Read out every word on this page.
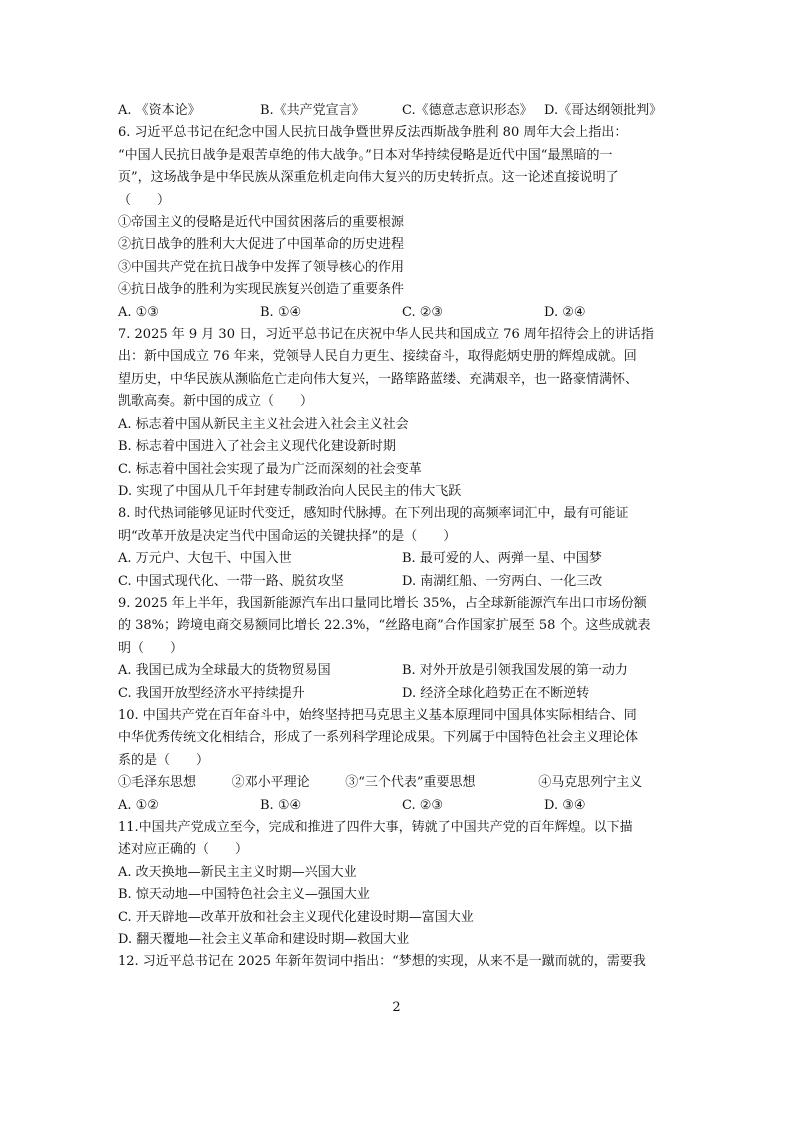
A. 《资本论》	B.《共产党宣言》	C.《德意志意识形态》 D.《哥达纲领批判》
6. 习近平总书记在纪念中国人民抗日战争暨世界反法西斯战争胜利 80 周年大会上指出：
“中国人民抗日战争是艰苦卓绝的伟大战争。”日本对华持续侵略是近代中国“最黑暗的一
页”，这场战争是中华民族从深重危机走向伟大复兴的历史转折点。这一论述直接说明了
（　　）
①帝国主义的侵略是近代中国贫困落后的重要根源
②抗日战争的胜利大大促进了中国革命的历史进程
③中国共产党在抗日战争中发挥了领导核心的作用
④抗日战争的胜利为实现民族复兴创造了重要条件
A. ①③	B. ①④	C. ②③	D. ②④
7. 2025 年 9 月 30 日，习近平总书记在庆祝中华人民共和国成立 76 周年招待会上的讲话指
出：新中国成立 76 年来，党领导人民自力更生、接续奋斗，取得彪炳史册的辉煌成就。回
望历史，中华民族从濒临危亡走向伟大复兴，一路筚路蓝缕、充满艰辛，也一路豪情满怀、
凯歌高奏。新中国的成立（　　）
A. 标志着中国从新民主主义社会进入社会主义社会
B. 标志着中国进入了社会主义现代化建设新时期
C. 标志着中国社会实现了最为广泛而深刻的社会变革
D. 实现了中国从几千年封建专制政治向人民民主的伟大飞跃
8. 时代热词能够见证时代变迁，感知时代脉搏。在下列出现的高频率词汇中，最有可能证
明“改革开放是决定当代中国命运的关键抉择”的是（　　）
A. 万元户、大包干、中国入世	B. 最可爱的人、两弹一星、中国梦
C. 中国式现代化、一带一路、脱贫攻坚	D. 南湖红船、一穷两白、一化三改
9. 2025 年上半年，我国新能源汽车出口量同比增长 35%，占全球新能源汽车出口市场份额
的 38%；跨境电商交易额同比增长 22.3%，“丝路电商”合作国家扩展至 58 个。这些成就表
明（　　）
A. 我国已成为全球最大的货物贸易国	B. 对外开放是引领我国发展的第一动力
C. 我国开放型经济水平持续提升	D. 经济全球化趋势正在不断逆转
10. 中国共产党在百年奋斗中，始终坚持把马克思主义基本原理同中国具体实际相结合、同
中华优秀传统文化相结合，形成了一系列科学理论成果。下列属于中国特色社会主义理论体
系的是（　　）
①毛泽东思想	②邓小平理论	③“三个代表”重要思想	④马克思列宁主义
A. ①②	B. ①④	C. ②③	D. ③④
11.中国共产党成立至今，完成和推进了四件大事，铸就了中国共产党的百年辉煌。以下描
述对应正确的（　　）
A. 改天换地—新民主主义时期—兴国大业
B. 惊天动地—中国特色社会主义—强国大业
C. 开天辟地—改革开放和社会主义现代化建设时期—富国大业
D. 翻天覆地—社会主义革命和建设时期—救国大业
12. 习近平总书记在 2025 年新年贺词中指出：“梦想的实现，从来不是一蹴而就的，需要我
2
